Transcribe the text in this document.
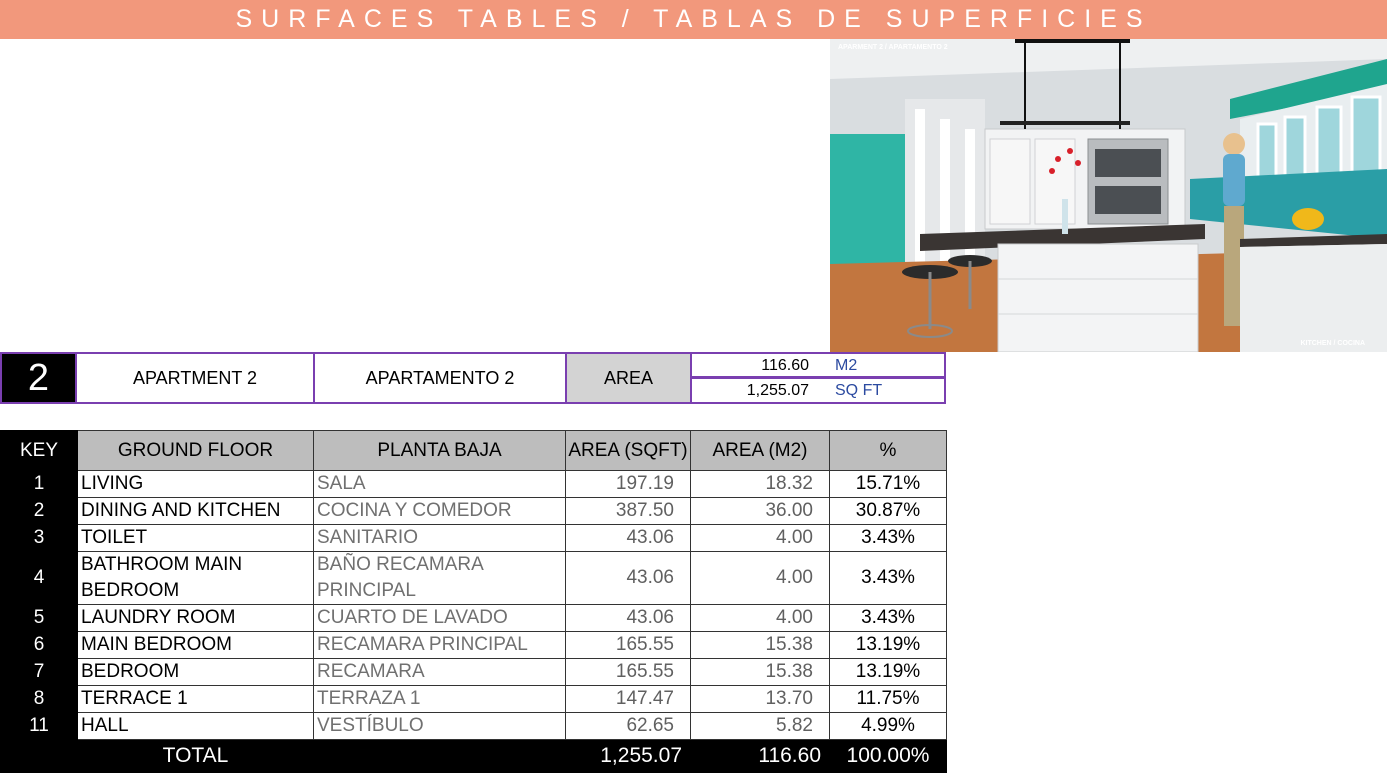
SURFACES TABLES / TABLAS DE SUPERFICIES
APARMENT 2 / APARTAMENTO 2
KITCHEN / COCINA
2	APARTMENT 2	APARTAMENTO 2	AREA
116.60 M2
1,255.07 SQ FT
KEY	GROUND FLOOR	PLANTA BAJA	AREA (SQFT)	AREA (M2)	%
1	LIVING	SALA	197.19	18.32	15.71%
2	DINING AND KITCHEN	COCINA Y COMEDOR	387.50	36.00	30.87%
3	TOILET	SANITARIO	43.06	4.00	3.43%
4	BATHROOM MAIN BEDROOM	BAÑO RECAMARA PRINCIPAL	43.06	4.00	3.43%
5	LAUNDRY ROOM	CUARTO DE LAVADO	43.06	4.00	3.43%
6	MAIN BEDROOM	RECAMARA PRINCIPAL	165.55	15.38	13.19%
7	BEDROOM	RECAMARA	165.55	15.38	13.19%
8	TERRACE 1	TERRAZA 1	147.47	13.70	11.75%
11	HALL	VESTÍBULO	62.65	5.82	4.99%
	TOTAL		1,255.07	116.60	100.00%
